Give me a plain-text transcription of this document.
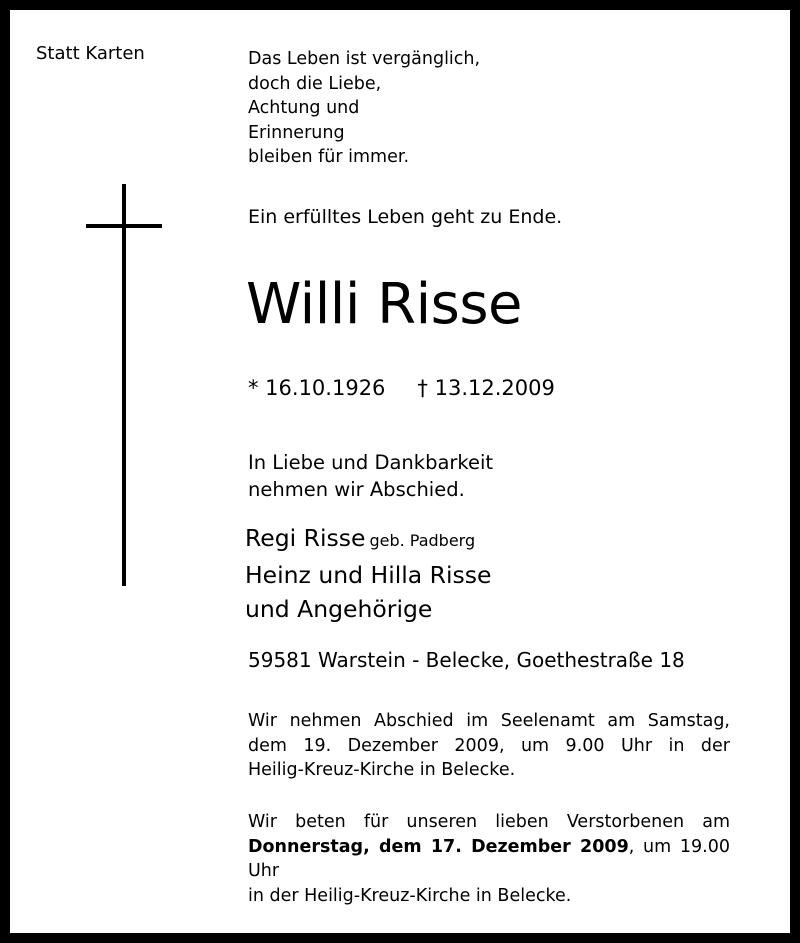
Statt Karten	Das Leben ist vergänglich,
doch die Liebe,
Achtung und
Erinnerung
bleiben für immer.
Ein erfülltes Leben geht zu Ende.
Willi Risse
* 16.10.1926 † 13.12.2009
In Liebe und Dankbarkeit
nehmen wir Abschied.
Regi Risse geb. Padberg
Heinz und Hilla Risse
und Angehörige
59581 Warstein - Belecke, Goethestraße 18
Wir nehmen Abschied im Seelenamt am Samstag,
dem 19. Dezember 2009, um 9.00 Uhr in der
Heilig-Kreuz-Kirche in Belecke.
Wir beten für unseren lieben Verstorbenen am
Donnerstag, dem 17. Dezember 2009, um 19.00 Uhr
in der Heilig-Kreuz-Kirche in Belecke.
